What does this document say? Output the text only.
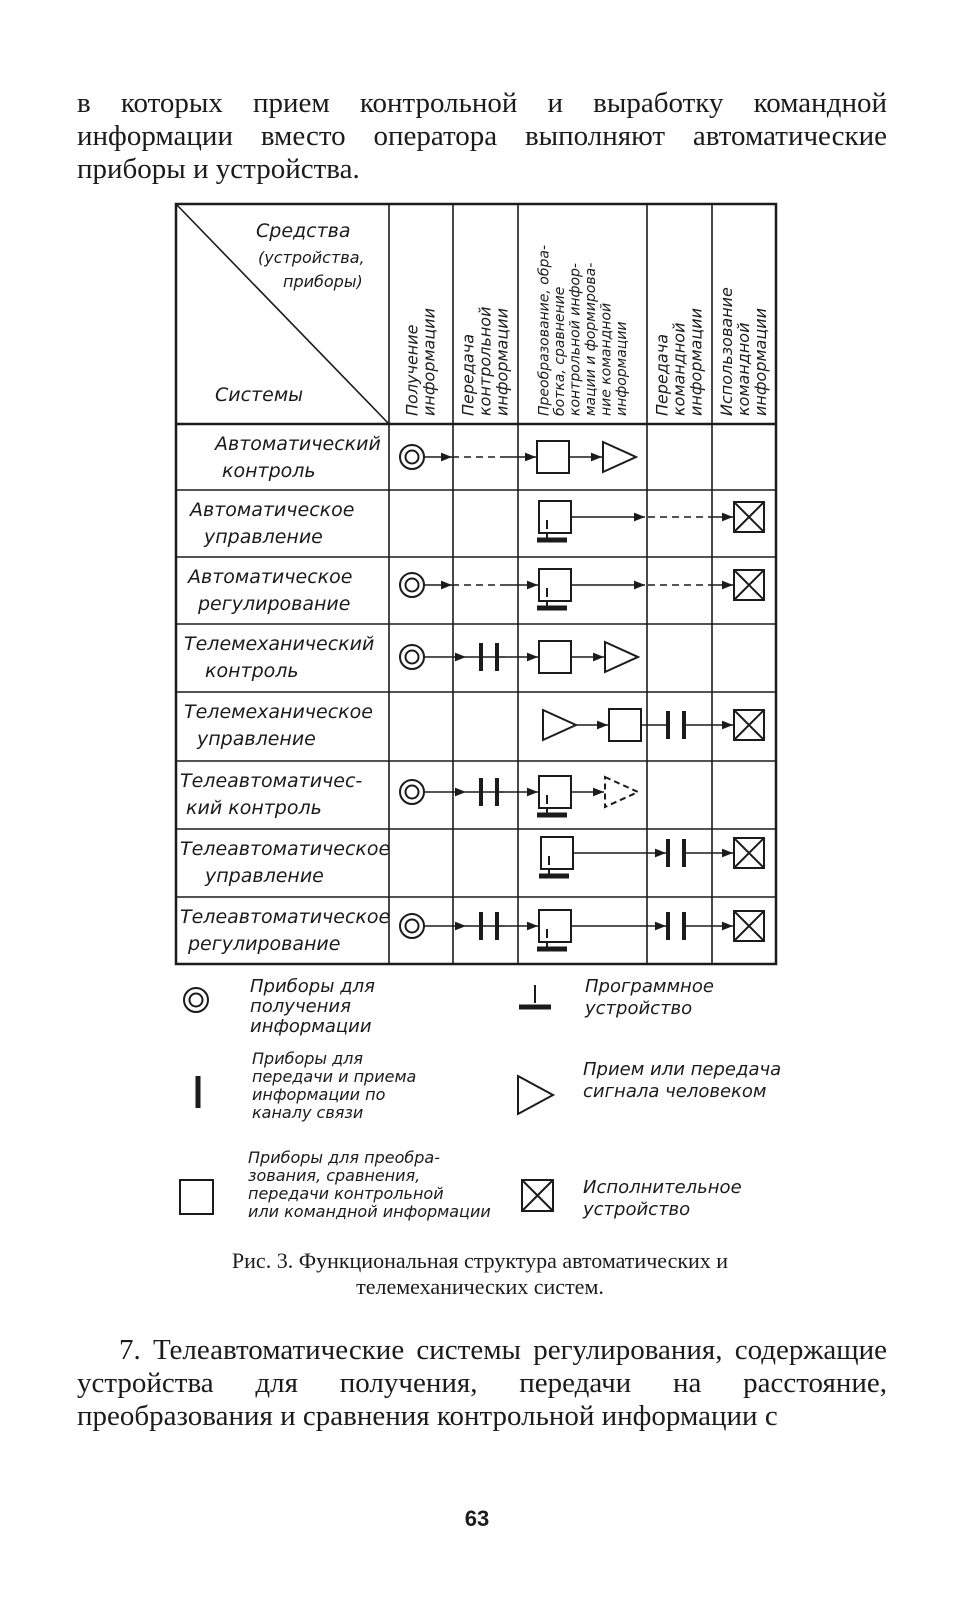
в которых прием контрольной и выработку командной информации вместо оператора выполняют автоматические приборы и устройства.

Средства
(устройства,
приборы)
Системы	Получение
информации Передача
контрольной
информации Преобразование, обра- ботка, сравнение контрольной инфор- мации и формирова- ние командной информации Передача
командной
информации Использование
командной
информации
Автоматический
контроль
Автоматическое
управление
Автоматическое
регулирование
Телемеханический
контроль
Телемеханическое
управление
Телеавтоматичес-
кий контроль
Телеавтоматическое
управление
Телеавтоматическое
регулирование
Приборы для
получения
информации
Программное
устройство
Приборы для
передачи и приема
информации по
каналу связи
Прием или передача
сигнала человеком
Приборы для преобра-
зования, сравнения,
передачи контрольной
или командной информации
Исполнительное
устройство

Рис. 3. Функциональная структура автоматических и телемеханических систем.

7. Телеавтоматические системы регулирования, содержащие устройства для получения, передачи на расстояние, преобразования и сравнения контрольной информации с

63
